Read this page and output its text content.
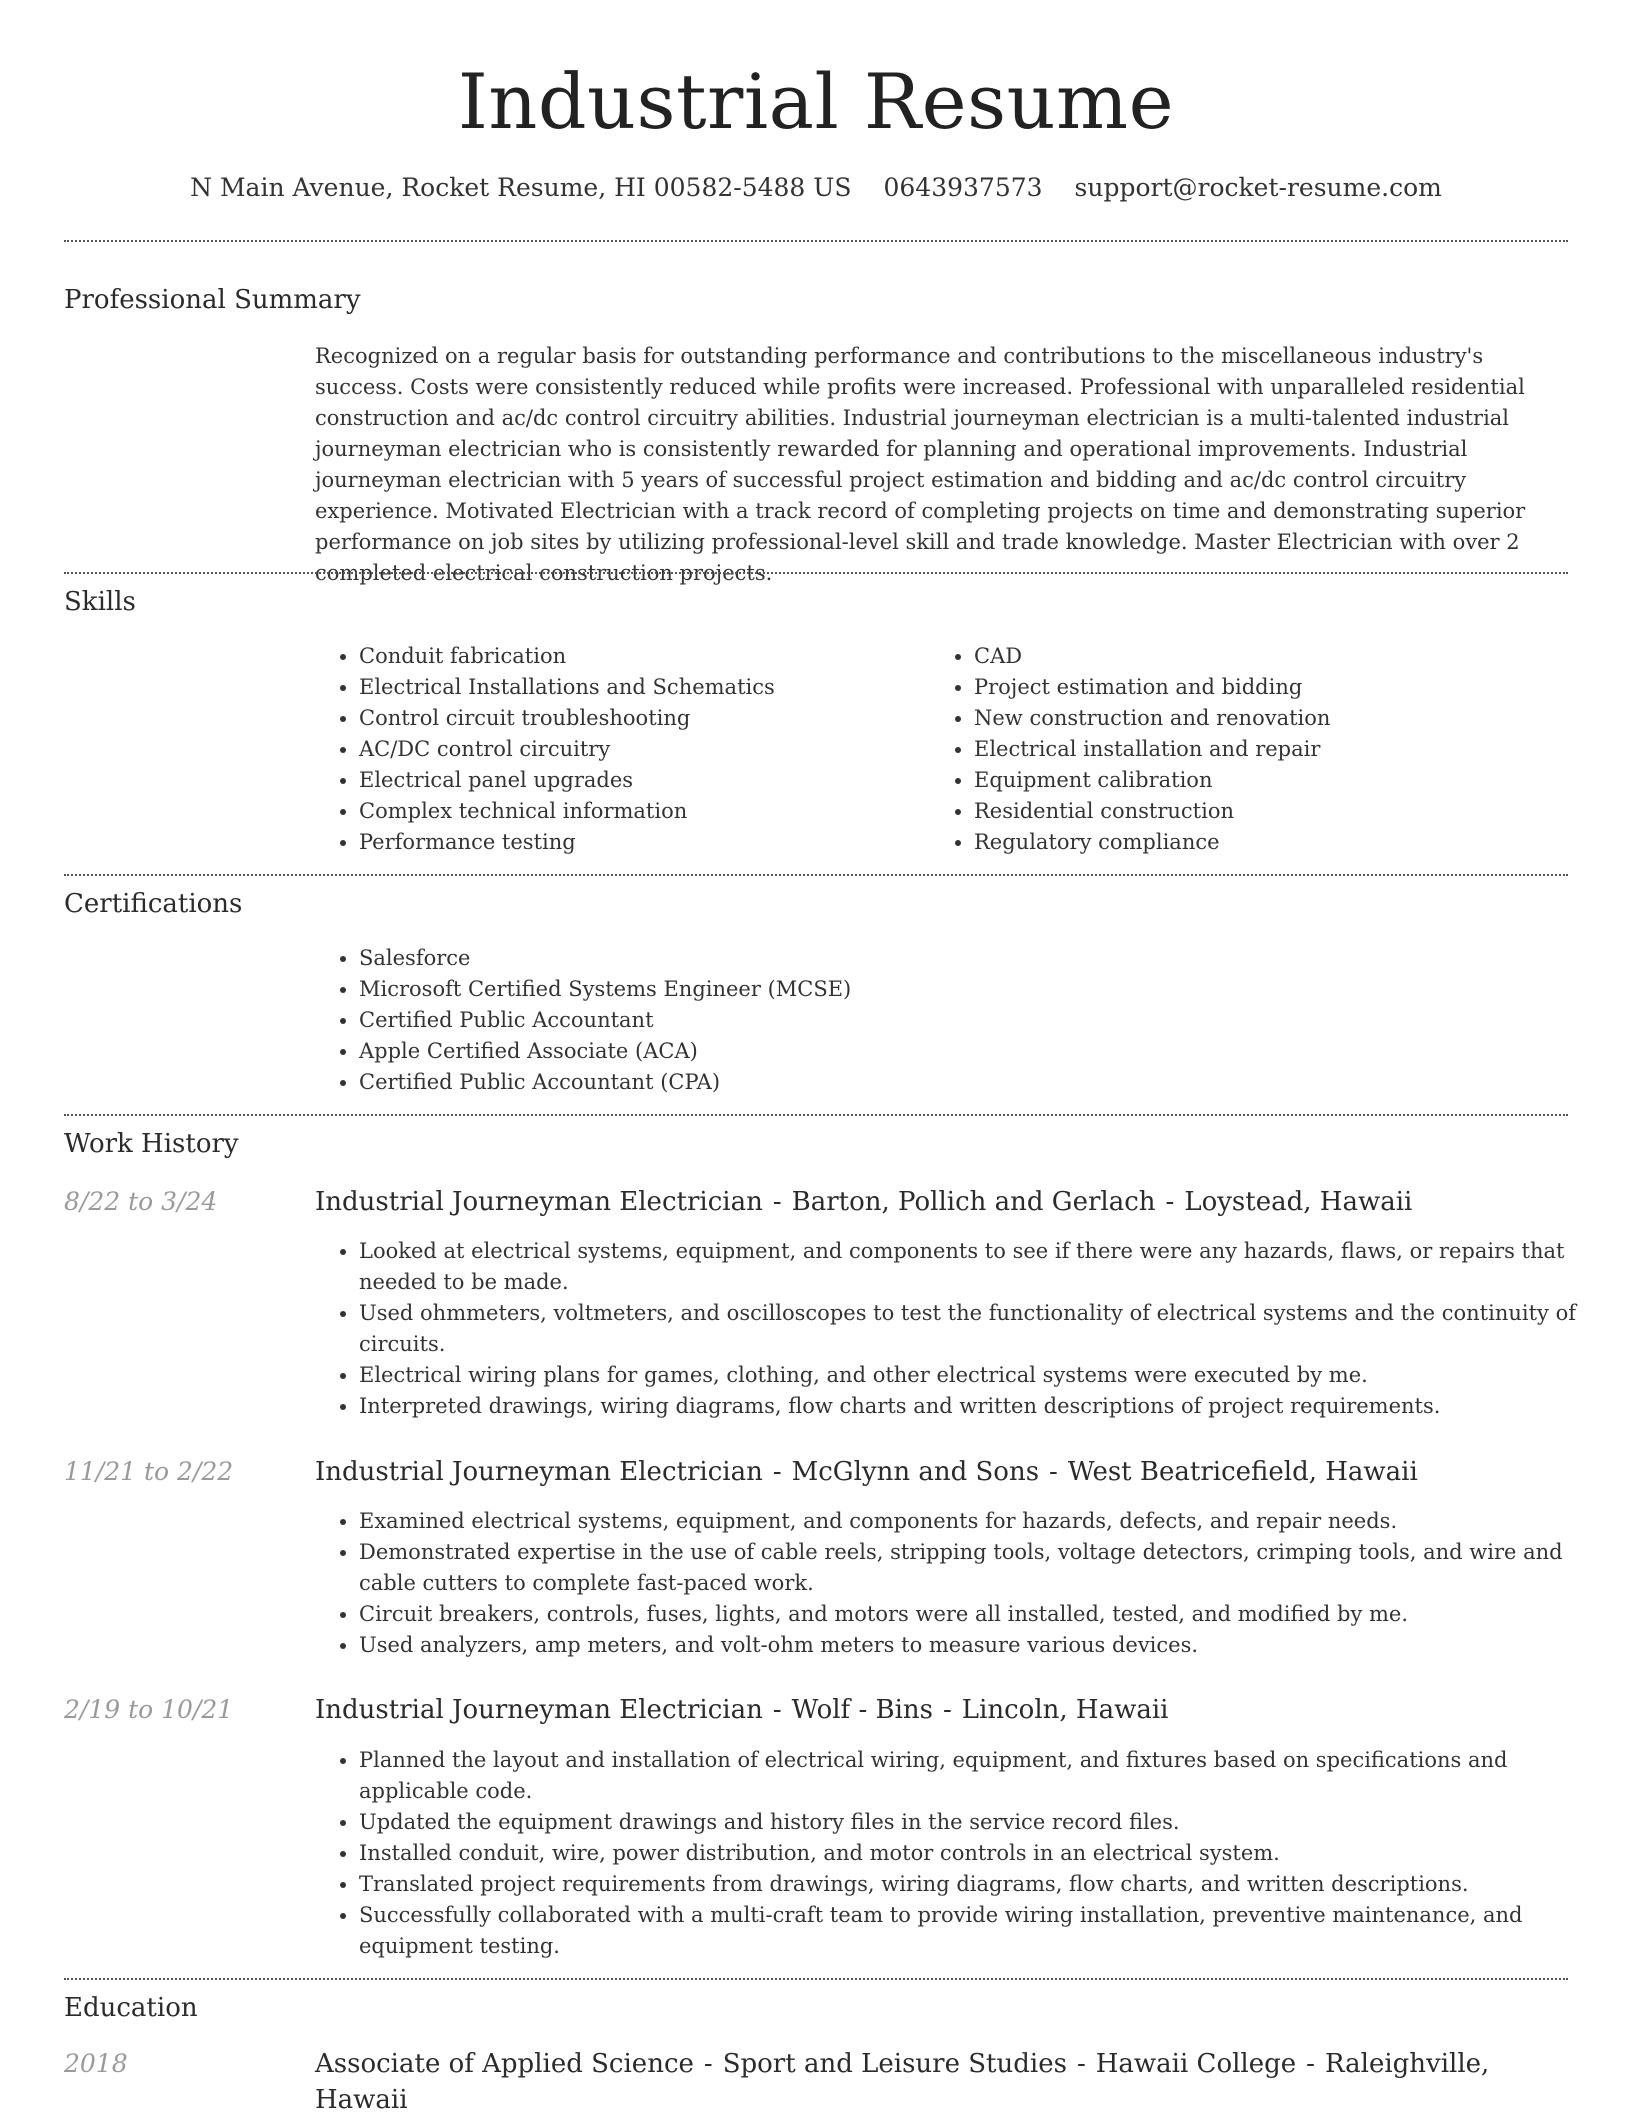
Industrial Resume
N Main Avenue, Rocket Resume, HI 00582-5488 US 0643937573 support@rocket-resume.com
Professional Summary

Recognized on a regular basis for outstanding performance and contributions to the miscellaneous industry's success. Costs were consistently reduced while profits were increased. Professional with unparalleled residential construction and ac/dc control circuitry abilities. Industrial journeyman electrician is a multi-talented industrial journeyman electrician who is consistently rewarded for planning and operational improvements. Industrial journeyman electrician with 5 years of successful project estimation and bidding and ac/dc control circuitry experience. Motivated Electrician with a track record of completing projects on time and demonstrating superior performance on job sites by utilizing professional-level skill and trade knowledge. Master Electrician with over 2 completed electrical construction projects.

Skills
• Conduit fabrication
• Electrical Installations and Schematics
• Control circuit troubleshooting
• AC/DC control circuitry
• Electrical panel upgrades
• Complex technical information
• Performance testing
• CAD
• Project estimation and bidding
• New construction and renovation
• Electrical installation and repair
• Equipment calibration
• Residential construction
• Regulatory compliance
Certifications
• Salesforce
• Microsoft Certified Systems Engineer (MCSE)
• Certified Public Accountant
• Apple Certified Associate (ACA)
• Certified Public Accountant (CPA)
Work History
8/22 to 3/24	Industrial Journeyman Electrician - Barton, Pollich and Gerlach - Loystead, Hawaii
• Looked at electrical systems, equipment, and components to see if there were any hazards, flaws, or repairs that needed to be made.
• Used ohmmeters, voltmeters, and oscilloscopes to test the functionality of electrical systems and the continuity of circuits.
• Electrical wiring plans for games, clothing, and other electrical systems were executed by me.
• Interpreted drawings, wiring diagrams, flow charts and written descriptions of project requirements.
11/21 to 2/22	Industrial Journeyman Electrician - McGlynn and Sons - West Beatricefield, Hawaii
• Examined electrical systems, equipment, and components for hazards, defects, and repair needs.
• Demonstrated expertise in the use of cable reels, stripping tools, voltage detectors, crimping tools, and wire and cable cutters to complete fast-paced work.
• Circuit breakers, controls, fuses, lights, and motors were all installed, tested, and modified by me.
• Used analyzers, amp meters, and volt-ohm meters to measure various devices.
2/19 to 10/21	Industrial Journeyman Electrician - Wolf - Bins - Lincoln, Hawaii
• Planned the layout and installation of electrical wiring, equipment, and fixtures based on specifications and applicable code.
• Updated the equipment drawings and history files in the service record files.
• Installed conduit, wire, power distribution, and motor controls in an electrical system.
• Translated project requirements from drawings, wiring diagrams, flow charts, and written descriptions.
• Successfully collaborated with a multi-craft team to provide wiring installation, preventive maintenance, and equipment testing.
Education
2018	Associate of Applied Science - Sport and Leisure Studies - Hawaii College - Raleighville, Hawaii
